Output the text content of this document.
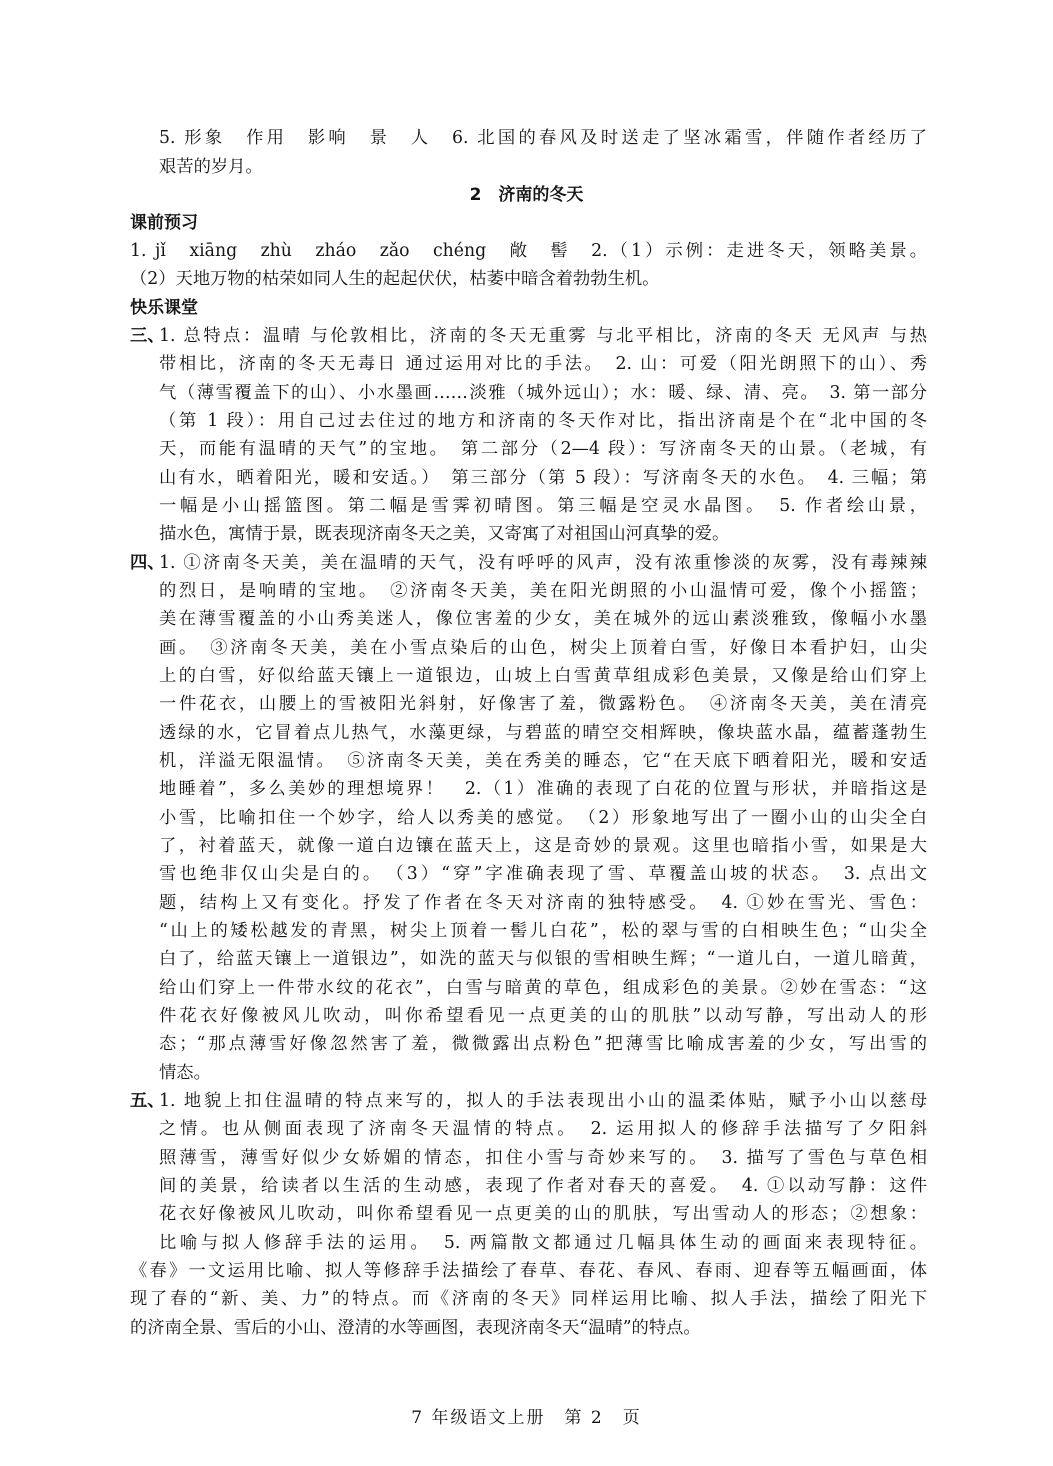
5. 形象　作用　影响　景　人　6. 北国的春风及时送走了坚冰霜雪，伴随作者经历了
艰苦的岁月。
2　济南的冬天
课前预习
1. jǐ　xiāng　zhù　zháo　zǎo　chéng　敞　髻　2.（1）示例：走进冬天，领略美景。
（2）天地万物的枯荣如同人生的起起伏伏，枯萎中暗含着勃勃生机。
快乐课堂
三、
1. 总特点：温晴 与伦敦相比，济南的冬天无重雾 与北平相比，济南的冬天 无风声 与热
带相比，济南的冬天无毒日 通过运用对比的手法。　2. 山：可爱（阳光朗照下的山）、秀
气（薄雪覆盖下的山）、小水墨画……淡雅（城外远山）；水：暖、绿、清、亮。　3. 第一部分
（第 1 段）：用自己过去住过的地方和济南的冬天作对比，指出济南是个在“北中国的冬
天，而能有温晴的天气”的宝地。　第二部分（2—4 段）：写济南冬天的山景。（老城，有
山有水，晒着阳光，暖和安适。）　第三部分（第 5 段）：写济南冬天的水色。　4. 三幅；第
一幅是小山摇篮图。第二幅是雪霁初晴图。第三幅是空灵水晶图。　5. 作者绘山景，
描水色，寓情于景，既表现济南冬天之美，又寄寓了对祖国山河真挚的爱。
四、
1. ①济南冬天美，美在温晴的天气，没有呼呼的风声，没有浓重惨淡的灰雾，没有毒辣辣
的烈日，是响晴的宝地。　②济南冬天美，美在阳光朗照的小山温情可爱，像个小摇篮；
美在薄雪覆盖的小山秀美迷人，像位害羞的少女，美在城外的远山素淡雅致，像幅小水墨
画。　③济南冬天美，美在小雪点染后的山色，树尖上顶着白雪，好像日本看护妇，山尖
上的白雪，好似给蓝天镶上一道银边，山坡上白雪黄草组成彩色美景，又像是给山们穿上
一件花衣，山腰上的雪被阳光斜射，好像害了羞，微露粉色。　④济南冬天美，美在清亮
透绿的水，它冒着点儿热气，水藻更绿，与碧蓝的晴空交相辉映，像块蓝水晶，蕴蓄蓬勃生
机，洋溢无限温情。　⑤济南冬天美，美在秀美的睡态，它“在天底下晒着阳光，暖和安适
地睡着”，多么美妙的理想境界！　2.（1）准确的表现了白花的位置与形状，并暗指这是
小雪，比喻扣住一个妙字，给人以秀美的感觉。　（2）形象地写出了一圈小山的山尖全白
了，衬着蓝天，就像一道白边镶在蓝天上，这是奇妙的景观。这里也暗指小雪，如果是大
雪也绝非仅山尖是白的。　（3）“穿”字准确表现了雪、草覆盖山坡的状态。　3. 点出文
题，结构上又有变化。抒发了作者在冬天对济南的独特感受。　4. ①妙在雪光、雪色：
“山上的矮松越发的青黑，树尖上顶着一髻儿白花”，松的翠与雪的白相映生色；“山尖全
白了，给蓝天镶上一道银边”，如洗的蓝天与似银的雪相映生辉；“一道儿白，一道儿暗黄，
给山们穿上一件带水纹的花衣”，白雪与暗黄的草色，组成彩色的美景。②妙在雪态：“这
件花衣好像被风儿吹动，叫你希望看见一点更美的山的肌肤”以动写静，写出动人的形
态；“那点薄雪好像忽然害了羞，微微露出点粉色”把薄雪比喻成害羞的少女，写出雪的
情态。
五、
1. 地貌上扣住温晴的特点来写的，拟人的手法表现出小山的温柔体贴，赋予小山以慈母
之情。也从侧面表现了济南冬天温情的特点。　2. 运用拟人的修辞手法描写了夕阳斜
照薄雪，薄雪好似少女娇媚的情态，扣住小雪与奇妙来写的。　3. 描写了雪色与草色相
间的美景，给读者以生活的生动感，表现了作者对春天的喜爱。　4. ①以动写静：这件
花衣好像被风儿吹动，叫你希望看见一点更美的山的肌肤，写出雪动人的形态；②想象：
比喻与拟人修辞手法的运用。　5. 两篇散文都通过几幅具体生动的画面来表现特征。
《春》一文运用比喻、拟人等修辞手法描绘了春草、春花、春风、春雨、迎春等五幅画面，体
现了春的“新、美、力”的特点。而《济南的冬天》同样运用比喻、拟人手法，描绘了阳光下
的济南全景、雪后的小山、澄清的水等画图，表现济南冬天“温晴”的特点。
7 年级语文上册　第 2　页
